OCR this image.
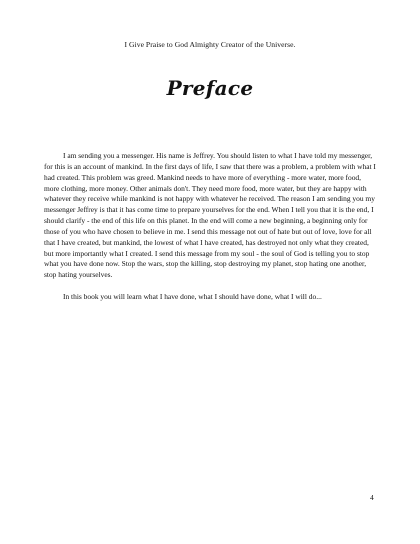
I Give Praise to God Almighty Creator of the Universe.
Preface

I am sending you a messenger. His name is Jeffrey. You should listen to what I have told my messenger, for this is an account of mankind. In the first days of life, I saw that there was a problem, a problem with what I had created. This problem was greed. Mankind needs to have more of everything - more water, more food, more clothing, more money. Other animals don't. They need more food, more water, but they are happy with whatever they receive while mankind is not happy with whatever he received. The reason I am sending you my messenger Jeffrey is that it has come time to prepare yourselves for the end. When I tell you that it is the end, I should clarify - the end of this life on this planet. In the end will come a new beginning, a beginning only for those of you who have chosen to believe in me. I send this message not out of hate but out of love, love for all that I have created, but mankind, the lowest of what I have created, has destroyed not only what they created, but more importantly what I created. I send this message from my soul - the soul of God is telling you to stop what you have done now. Stop the wars, stop the killing, stop destroying my planet, stop hating one another, stop hating yourselves.

In this book you will learn what I have done, what I should have done, what I will do...

4
